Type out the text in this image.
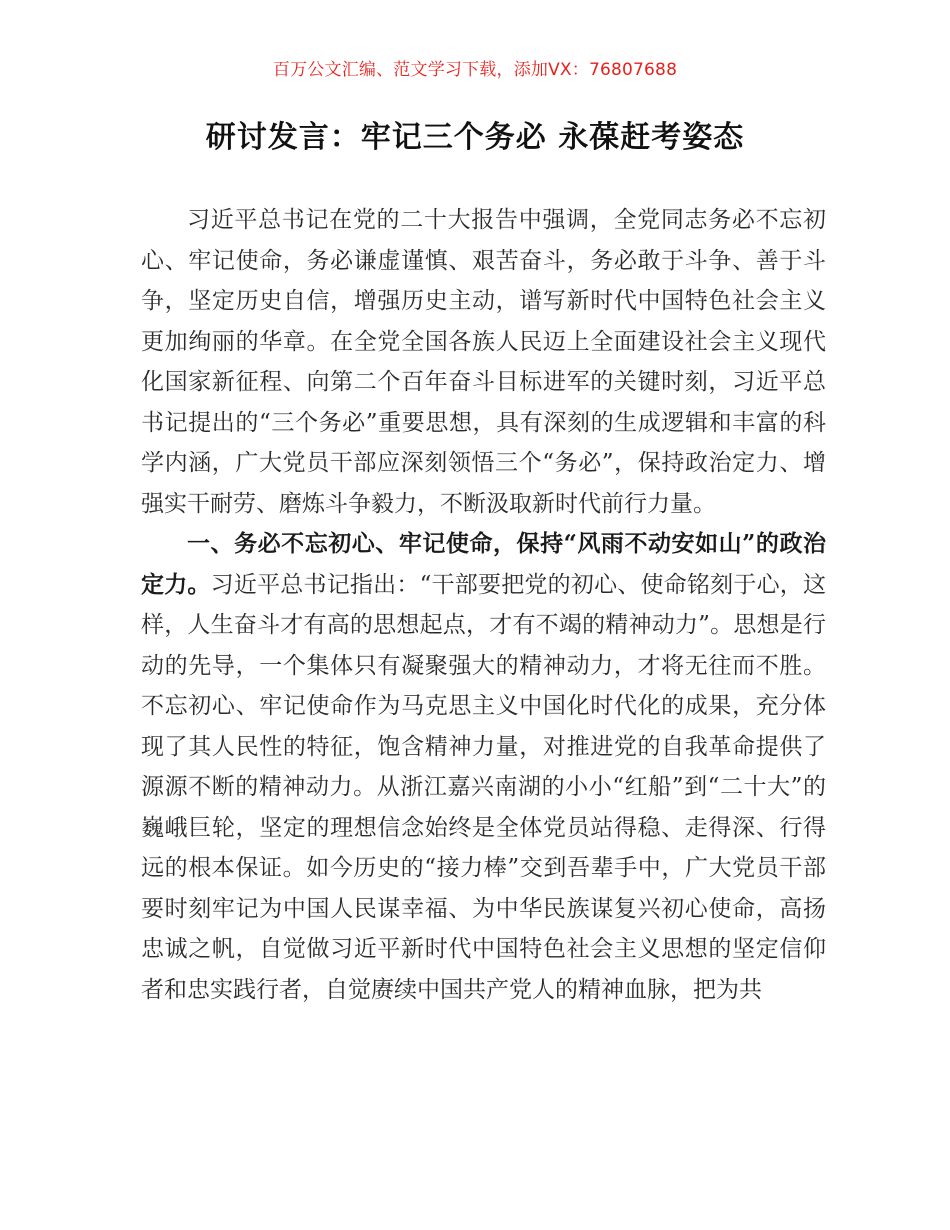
百万公文汇编、范文学习下载，添加VX：76807688
研讨发言：牢记三个务必 永葆赶考姿态

习近平总书记在党的二十大报告中强调，全党同志务必不忘初心、牢记使命，务必谦虚谨慎、艰苦奋斗，务必敢于斗争、善于斗争，坚定历史自信，增强历史主动，谱写新时代中国特色社会主义更加绚丽的华章。在全党全国各族人民迈上全面建设社会主义现代化国家新征程、向第二个百年奋斗目标进军的关键时刻，习近平总书记提出的“三个务必”重要思想，具有深刻的生成逻辑和丰富的科学内涵，广大党员干部应深刻领悟三个“务必”，保持政治定力、增强实干耐劳、磨炼斗争毅力，不断汲取新时代前行力量。

一、务必不忘初心、牢记使命，保持“风雨不动安如山”的政治定力。习近平总书记指出：“干部要把党的初心、使命铭刻于心，这样，人生奋斗才有高的思想起点，才有不竭的精神动力”。思想是行动的先导，一个集体只有凝聚强大的精神动力，才将无往而不胜。不忘初心、牢记使命作为马克思主义中国化时代化的成果，充分体现了其人民性的特征，饱含精神力量，对推进党的自我革命提供了源源不断的精神动力。从浙江嘉兴南湖的小小“红船”到“二十大”的巍峨巨轮，坚定的理想信念始终是全体党员站得稳、走得深、行得远的根本保证。如今历史的“接力棒”交到吾辈手中，广大党员干部要时刻牢记为中国人民谋幸福、为中华民族谋复兴初心使命，高扬忠诚之帆，自觉做习近平新时代中国特色社会主义思想的坚定信仰者和忠实践行者，自觉赓续中国共产党人的精神血脉，把为共
